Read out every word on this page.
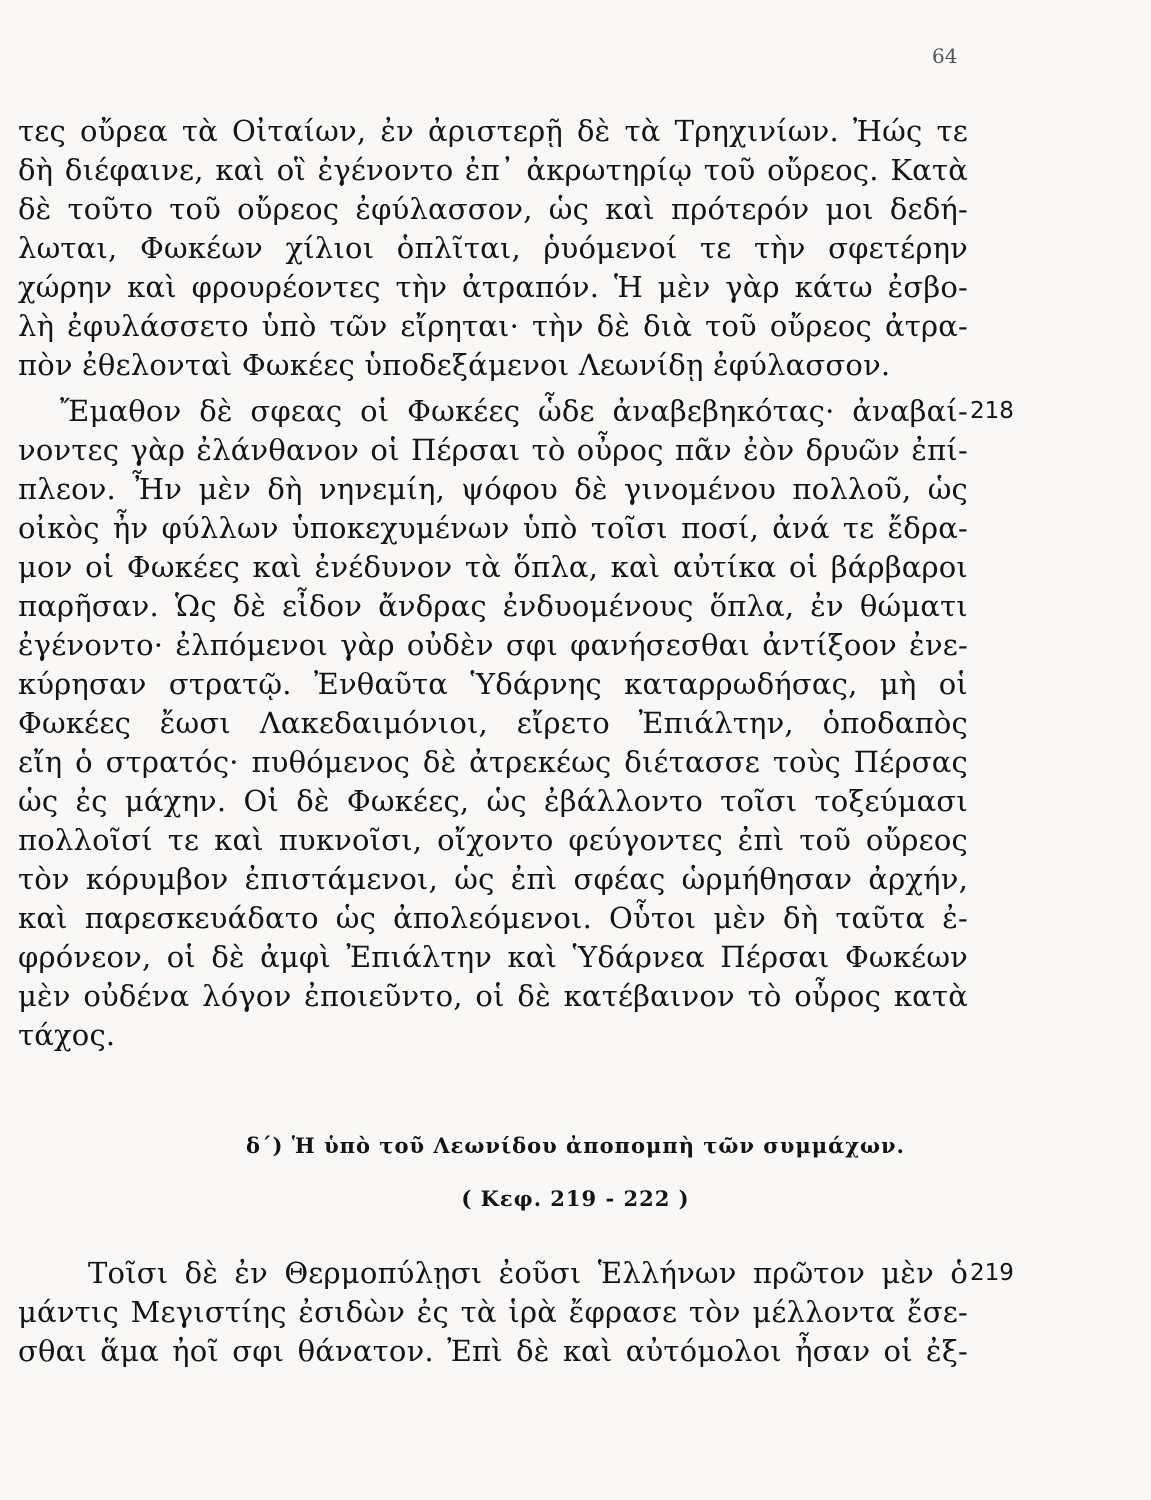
64
τες οὔρεα τὰ Οἰταίων, ἐν ἀριστερῇ δὲ τὰ Τρηχινίων. Ἠώς τε
δὴ διέφαινε, καὶ οἳ ἐγένοντο ἐπ᾽ ἀκρωτηρίῳ τοῦ οὔρεος. Κατὰ
δὲ τοῦτο τοῦ οὔρεος ἐφύλασσον, ὡς καὶ πρότερόν μοι δεδή-
λωται, Φωκέων χίλιοι ὁπλῖται, ῥυόμενοί τε τὴν σφετέρην
χώρην καὶ φρουρέοντες τὴν ἀτραπόν. Ἡ μὲν γὰρ κάτω ἐσβο-
λὴ ἐφυλάσσετο ὑπὸ τῶν εἴρηται· τὴν δὲ διὰ τοῦ οὔρεος ἀτρα-
πὸν ἐθελονταὶ Φωκέες ὑποδεξάμενοι Λεωνίδῃ ἐφύλασσον.
218
Ἔμαθον δὲ σφεας οἱ Φωκέες ὧδε ἀναβεβηκότας· ἀναβαί-
νοντες γὰρ ἐλάνθανον οἱ Πέρσαι τὸ οὖρος πᾶν ἐὸν δρυῶν ἐπί-
πλεον. Ἦν μὲν δὴ νηνεμίη, ψόφου δὲ γινομένου πολλοῦ, ὡς
οἰκὸς ἦν φύλλων ὑποκεχυμένων ὑπὸ τοῖσι ποσί, ἀνά τε ἔδρα-
μον οἱ Φωκέες καὶ ἐνέδυνον τὰ ὅπλα, καὶ αὐτίκα οἱ βάρβαροι
παρῆσαν. Ὡς δὲ εἶδον ἄνδρας ἐνδυομένους ὅπλα, ἐν θώματι
ἐγένοντο· ἐλπόμενοι γὰρ οὐδὲν σφι φανήσεσθαι ἀντίξοον ἐνε-
κύρησαν στρατῷ. Ἐνθαῦτα Ὑδάρνης καταρρωδήσας, μὴ οἱ
Φωκέες ἔωσι Λακεδαιμόνιοι, εἴρετο Ἐπιάλτην, ὁποδαπὸς
εἴη ὁ στρατός· πυθόμενος δὲ ἀτρεκέως διέτασσε τοὺς Πέρσας
ὡς ἐς μάχην. Οἱ δὲ Φωκέες, ὡς ἐβάλλοντο τοῖσι τοξεύμασι
πολλοῖσί τε καὶ πυκνοῖσι, οἴχοντο φεύγοντες ἐπὶ τοῦ οὔρεος
τὸν κόρυμβον ἐπιστάμενοι, ὡς ἐπὶ σφέας ὡρμήθησαν ἀρχήν,
καὶ παρεσκευάδατο ὡς ἀπολεόμενοι. Οὗτοι μὲν δὴ ταῦτα ἐ-
φρόνεον, οἱ δὲ ἀμφὶ Ἐπιάλτην καὶ Ὑδάρνεα Πέρσαι Φωκέων
μὲν οὐδένα λόγον ἐποιεῦντο, οἱ δὲ κατέβαινον τὸ οὖρος κατὰ
τάχος.
δ΄) Ἡ ὑπὸ τοῦ Λεωνίδου ἀποπομπὴ τῶν συμμάχων.
( Κεφ. 219 - 222 )
219
Τοῖσι δὲ ἐν Θερμοπύλῃσι ἐοῦσι Ἑλλήνων πρῶτον μὲν ὁ
μάντις Μεγιστίης ἐσιδὼν ἐς τὰ ἱρὰ ἔφρασε τὸν μέλλοντα ἔσε-
σθαι ἅμα ἠοῖ σφι θάνατον. Ἐπὶ δὲ καὶ αὐτόμολοι ἦσαν οἱ ἐξ-
